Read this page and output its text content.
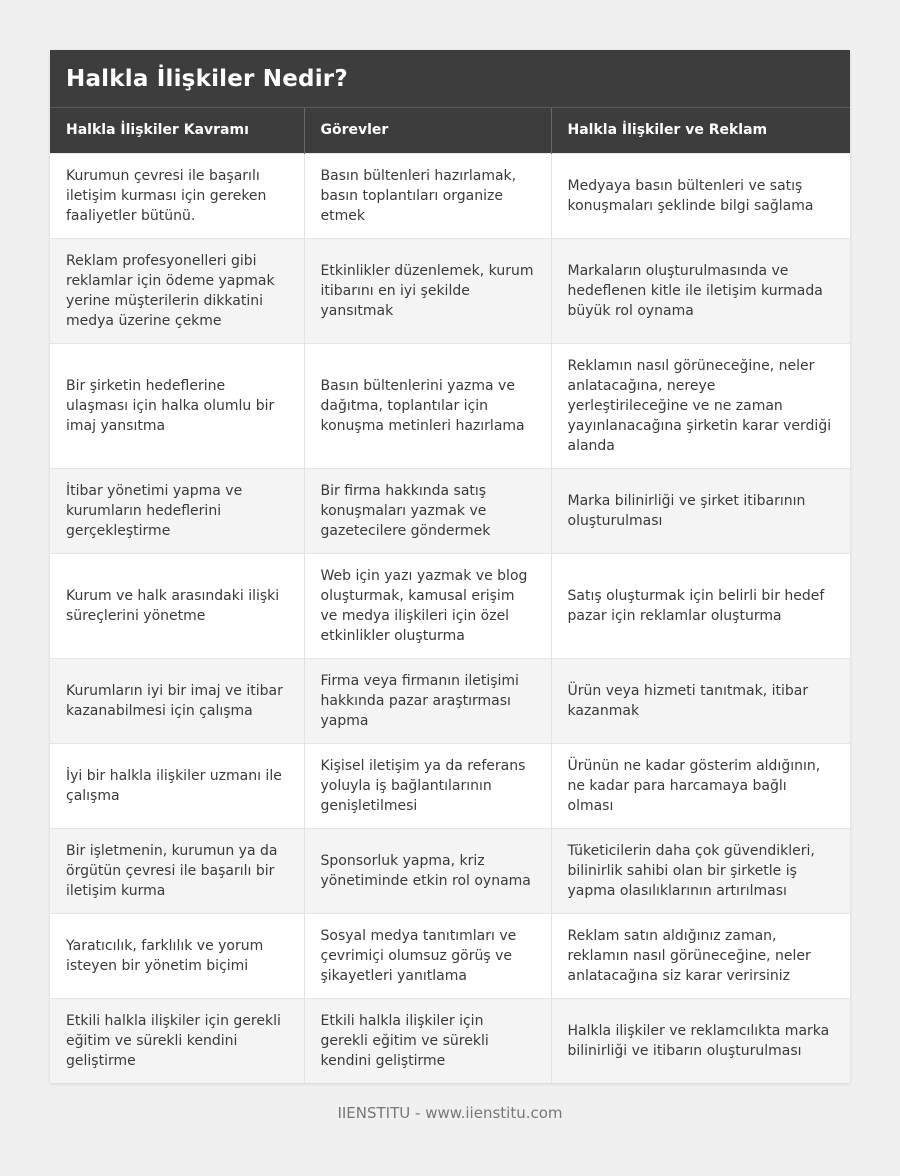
Halkla İlişkiler Nedir?
Halkla İlişkiler Kavramı	Görevler	Halkla İlişkiler ve Reklam
Kurumun çevresi ile başarılı iletişim kurması için gereken faaliyetler bütünü.	Basın bültenleri hazırlamak, basın toplantıları organize etmek	Medyaya basın bültenleri ve satış konuşmaları şeklinde bilgi sağlama
Reklam profesyonelleri gibi reklamlar için ödeme yapmak yerine müşterilerin dikkatini medya üzerine çekme	Etkinlikler düzenlemek, kurum itibarını en iyi şekilde yansıtmak	Markaların oluşturulmasında ve hedeflenen kitle ile iletişim kurmada büyük rol oynama
Bir şirketin hedeflerine ulaşması için halka olumlu bir imaj yansıtma	Basın bültenlerini yazma ve dağıtma, toplantılar için konuşma metinleri hazırlama	Reklamın nasıl görüneceğine, neler anlatacağına, nereye yerleştirileceğine ve ne zaman yayınlanacağına şirketin karar verdiği alanda
İtibar yönetimi yapma ve kurumların hedeflerini gerçekleştirme	Bir firma hakkında satış konuşmaları yazmak ve gazetecilere göndermek	Marka bilinirliği ve şirket itibarının oluşturulması
Kurum ve halk arasındaki ilişki süreçlerini yönetme	Web için yazı yazmak ve blog oluşturmak, kamusal erişim ve medya ilişkileri için özel etkinlikler oluşturma	Satış oluşturmak için belirli bir hedef pazar için reklamlar oluşturma
Kurumların iyi bir imaj ve itibar kazanabilmesi için çalışma	Firma veya firmanın iletişimi hakkında pazar araştırması yapma	Ürün veya hizmeti tanıtmak, itibar kazanmak
İyi bir halkla ilişkiler uzmanı ile çalışma	Kişisel iletişim ya da referans yoluyla iş bağlantılarının genişletilmesi	Ürünün ne kadar gösterim aldığının, ne kadar para harcamaya bağlı olması
Bir işletmenin, kurumun ya da örgütün çevresi ile başarılı bir iletişim kurma	Sponsorluk yapma, kriz yönetiminde etkin rol oynama	Tüketicilerin daha çok güvendikleri, bilinirlik sahibi olan bir şirketle iş yapma olasılıklarının artırılması
Yaratıcılık, farklılık ve yorum isteyen bir yönetim biçimi	Sosyal medya tanıtımları ve çevrimiçi olumsuz görüş ve şikayetleri yanıtlama	Reklam satın aldığınız zaman, reklamın nasıl görüneceğine, neler anlatacağına siz karar verirsiniz
Etkili halkla ilişkiler için gerekli eğitim ve sürekli kendini geliştirme	Etkili halkla ilişkiler için gerekli eğitim ve sürekli kendini geliştirme	Halkla ilişkiler ve reklamcılıkta marka bilinirliği ve itibarın oluşturulması
IIENSTITU - www.iienstitu.com
